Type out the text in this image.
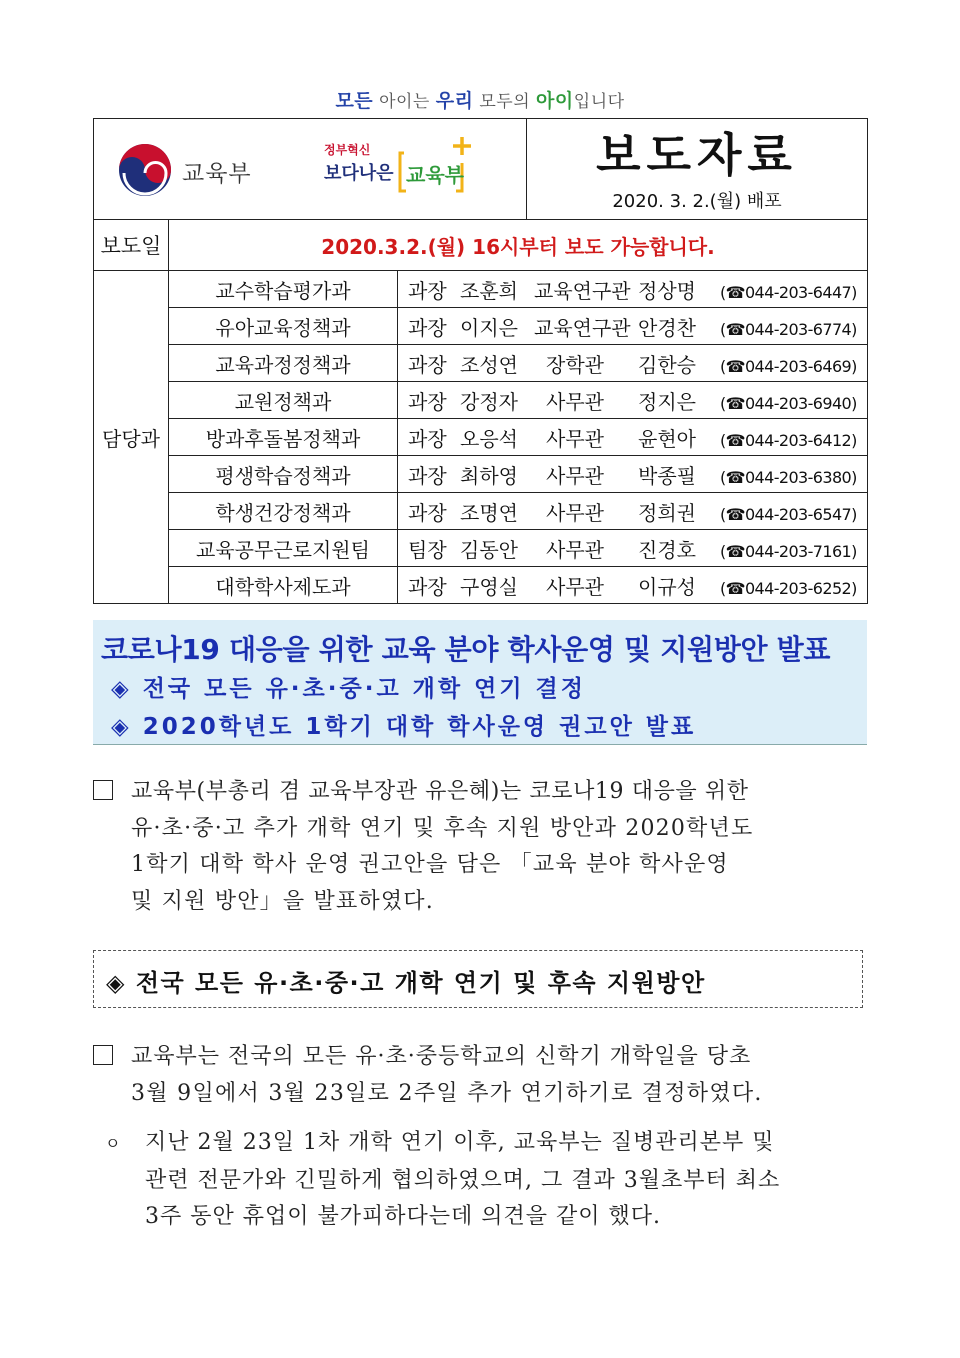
모든 아이는 우리 모두의 아이입니다
교육부
정부혁신
보다나은 교육부	보도자료
2020. 3. 2.(월) 배포
보도일	2020.3.2.(월) 16시부터 보도 가능합니다.	
담당과	교수학습평가과	과장 조훈희 교육연구관 정상명 (☎044-203-6447)
	유아교육정책과	과장 이지은 교육연구관 안경찬 (☎044-203-6774)
	교육과정정책과	과장 조성연 장학관 김한승 (☎044-203-6469)
	교원정책과	과장 강정자 사무관 정지은 (☎044-203-6940)
	방과후돌봄정책과	과장 오응석 사무관 윤현아 (☎044-203-6412)
	평생학습정책과	과장 최하영 사무관 박종필 (☎044-203-6380)
	학생건강정책과	과장 조명연 사무관 정희권 (☎044-203-6547)
	교육공무근로지원팀	팀장 김동안 사무관 진경호 (☎044-203-7161)
	대학학사제도과	과장 구영실 사무관 이규성 (☎044-203-6252)
코로나19 대응을 위한 교육 분야 학사운영 및 지원방안 발표
◈ 전국 모든 유·초·중·고 개학 연기 결정
◈ 2020학년도 1학기 대학 학사운영 권고안 발표
교육부(부총리 겸 교육부장관 유은혜)는 코로나19 대응을 위한
유·초·중·고 추가 개학 연기 및 후속 지원 방안과 2020학년도
1학기 대학 학사 운영 권고안을 담은 「교육 분야 학사운영
및 지원 방안」을 발표하였다.
◈ 전국 모든 유·초·중·고 개학 연기 및 후속 지원방안
교육부는 전국의 모든 유·초·중등학교의 신학기 개학일을 당초
3월 9일에서 3월 23일로 2주일 추가 연기하기로 결정하였다.
ㅇ 지난 2월 23일 1차 개학 연기 이후, 교육부는 질병관리본부 및
관련 전문가와 긴밀하게 협의하였으며, 그 결과 3월초부터 최소
3주 동안 휴업이 불가피하다는데 의견을 같이 했다.
